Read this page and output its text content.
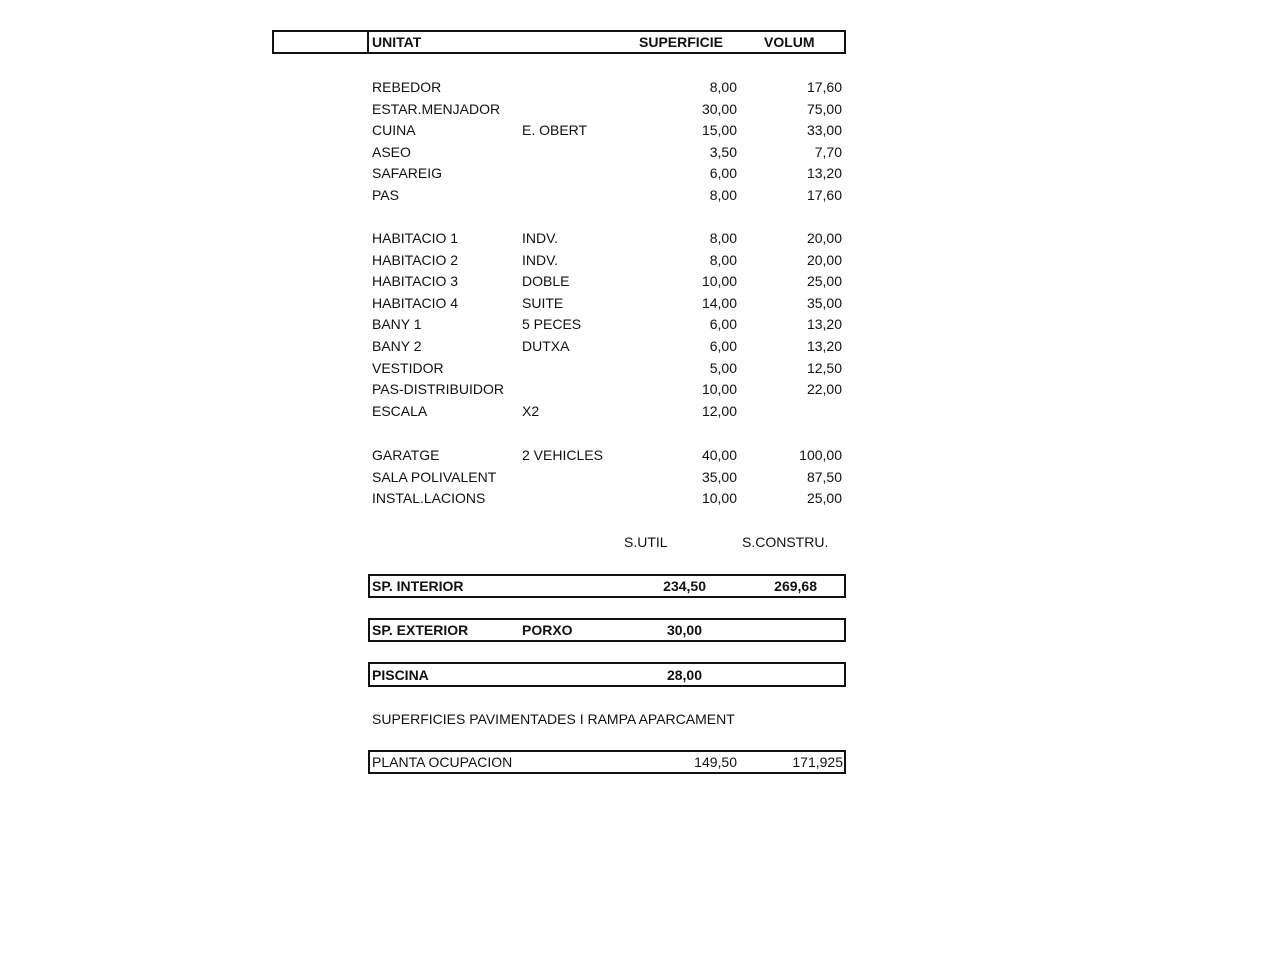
UNITAT	SUPERFICIE	VOLUM
REBEDOR	8,00	17,60
ESTAR.MENJADOR	30,00	75,00
CUINA	E. OBERT	15,00	33,00
ASEO	3,50	7,70
SAFAREIG	6,00	13,20
PAS	8,00	17,60
HABITACIO 1	INDV.	8,00	20,00
HABITACIO 2	INDV.	8,00	20,00
HABITACIO 3	DOBLE	10,00	25,00
HABITACIO 4	SUITE	14,00	35,00
BANY 1	5 PECES	6,00	13,20
BANY 2	DUTXA	6,00	13,20
VESTIDOR	5,00	12,50
PAS-DISTRIBUIDOR	10,00	22,00
ESCALA	X2	12,00
GARATGE	2 VEHICLES	40,00	100,00
SALA POLIVALENT	35,00	87,50
INSTAL.LACIONS	10,00	25,00
S.UTIL	S.CONSTRU.
SP. INTERIOR	234,50	269,68
SP. EXTERIOR	PORXO	30,00
PISCINA	28,00
SUPERFICIES PAVIMENTADES I RAMPA APARCAMENT
PLANTA OCUPACION	149,50	171,925
